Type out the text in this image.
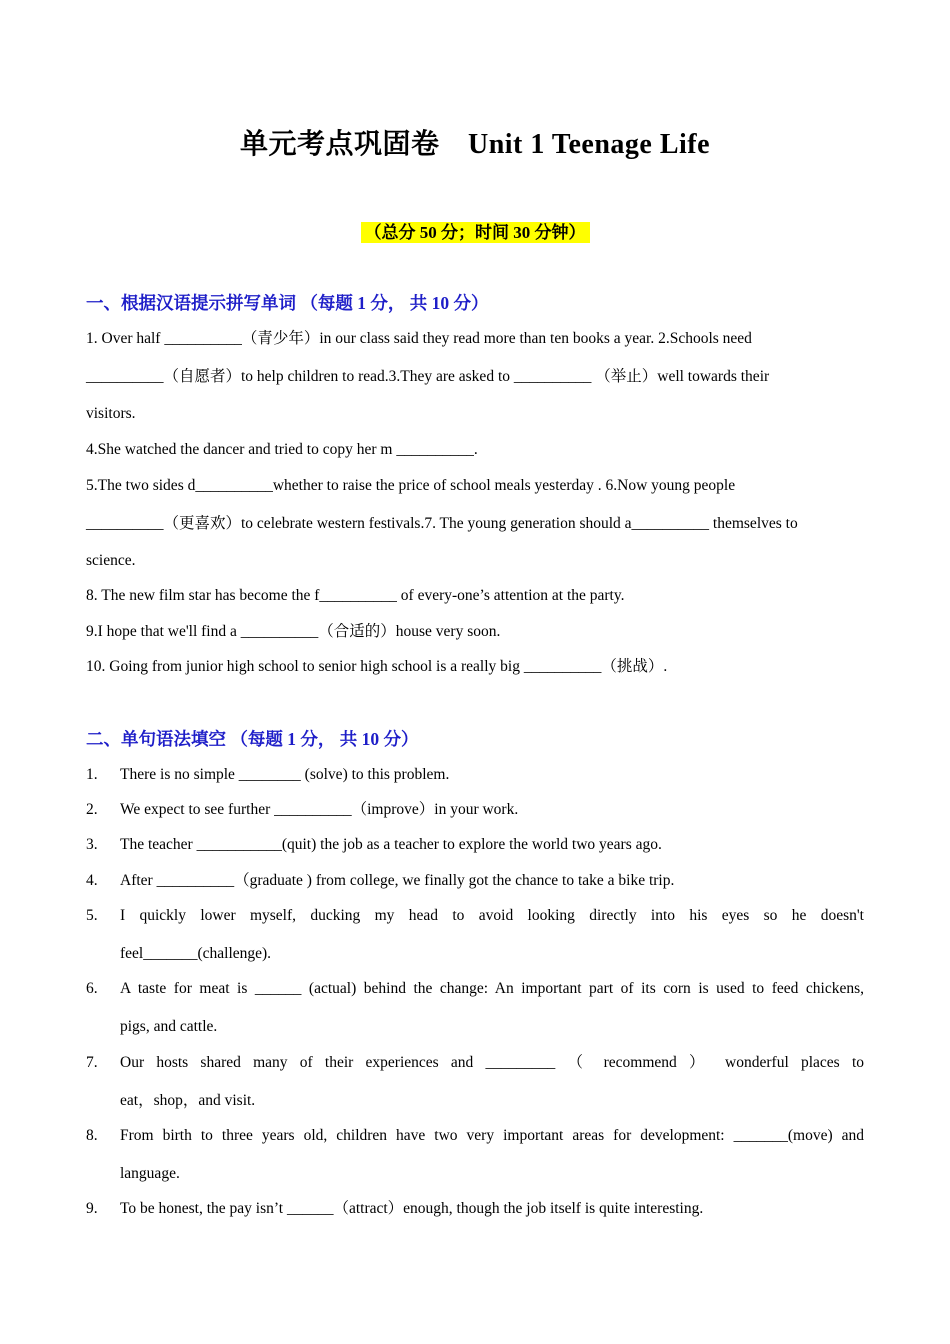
单元考点巩固卷　Unit 1 Teenage Life
（总分 50 分；时间 30 分钟）
一、根据汉语提示拼写单词 （每题 1 分， 共 10 分）
1. Over half __________（青少年）in our class said they read more than ten books a year. 2.Schools need
__________（自愿者）to help children to read.3.They are asked to __________ （举止）well towards their
visitors.
4.She watched the dancer and tried to copy her m __________.
5.The two sides d__________whether to raise the price of school meals yesterday . 6.Now young people
__________（更喜欢）to celebrate western festivals.7. The young generation should a__________ themselves to
science.
8. The new film star has become the f__________ of every-one’s attention at the party.
9.I hope that we'll find a __________（合适的）house very soon.
10. Going from junior high school to senior high school is a really big __________（挑战）.
二、单句语法填空 （每题 1 分， 共 10 分）
1.	There is no simple ________ (solve) to this problem.
2.	We expect to see further __________（improve）in your work.
3.	The teacher ___________(quit) the job as a teacher to explore the world two years ago.
4.	After __________（graduate ) from college, we finally got the chance to take a bike trip.
5.	I quickly lower myself, ducking my head to avoid looking directly into his eyes so he doesn't
feel_______(challenge).
6.	A taste for meat is ______ (actual) behind the change: An important part of its corn is used to feed chickens,
pigs, and cattle.
7.	Our hosts shared many of their experiences and _________ （ recommend ） wonderful places to
eat，shop，and visit.
8.	From birth to three years old, children have two very important areas for development: _______(move) and
language.
9.	To be honest, the pay isn’t ______（attract）enough, though the job itself is quite interesting.
